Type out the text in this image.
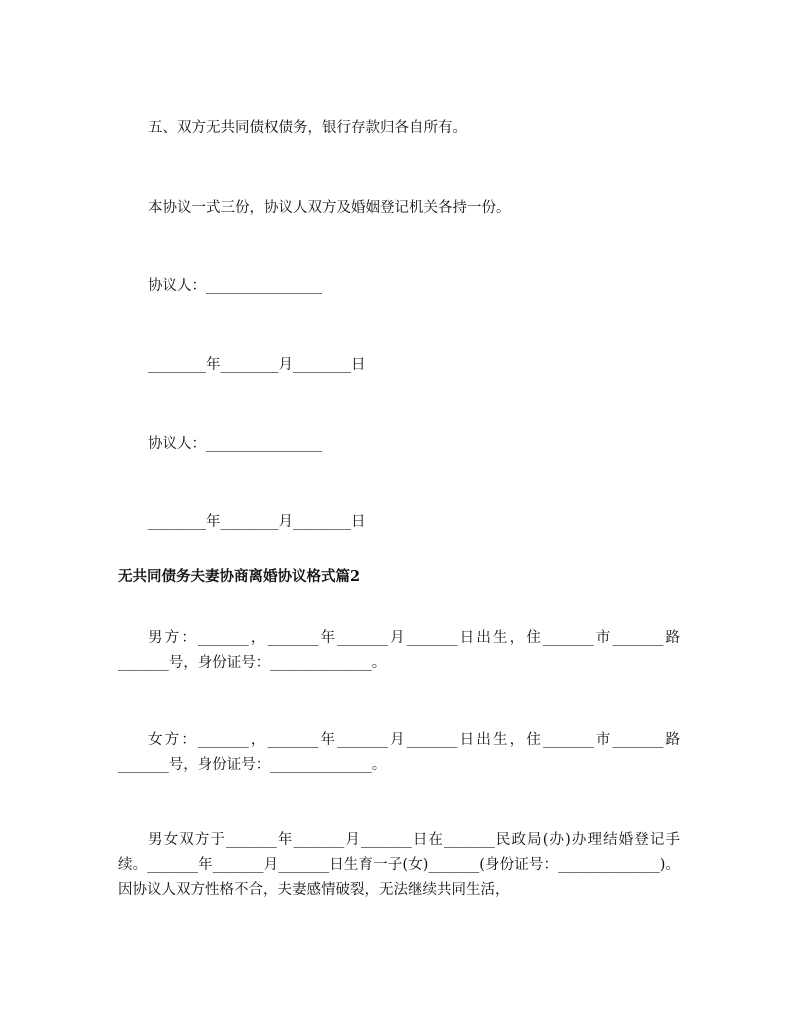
五、双方无共同债权债务，银行存款归各自所有。
本协议一式三份，协议人双方及婚姻登记机关各持一份。
协议人：________________
________年________月________日
协议人：________________
________年________月________日
无共同债务夫妻协商离婚协议格式篇2
男方：_______，_______年_______月_______日出生，住_______市_______路_______号，身份证号：______________。
女方：_______，_______年_______月_______日出生，住_______市_______路_______号，身份证号：______________。
男女双方于_______年_______月_______日在_______民政局(办)办理结婚登记手续。_______年_______月_______日生育一子(女)_______(身份证号：______________)。因协议人双方性格不合，夫妻感情破裂，无法继续共同生活，
